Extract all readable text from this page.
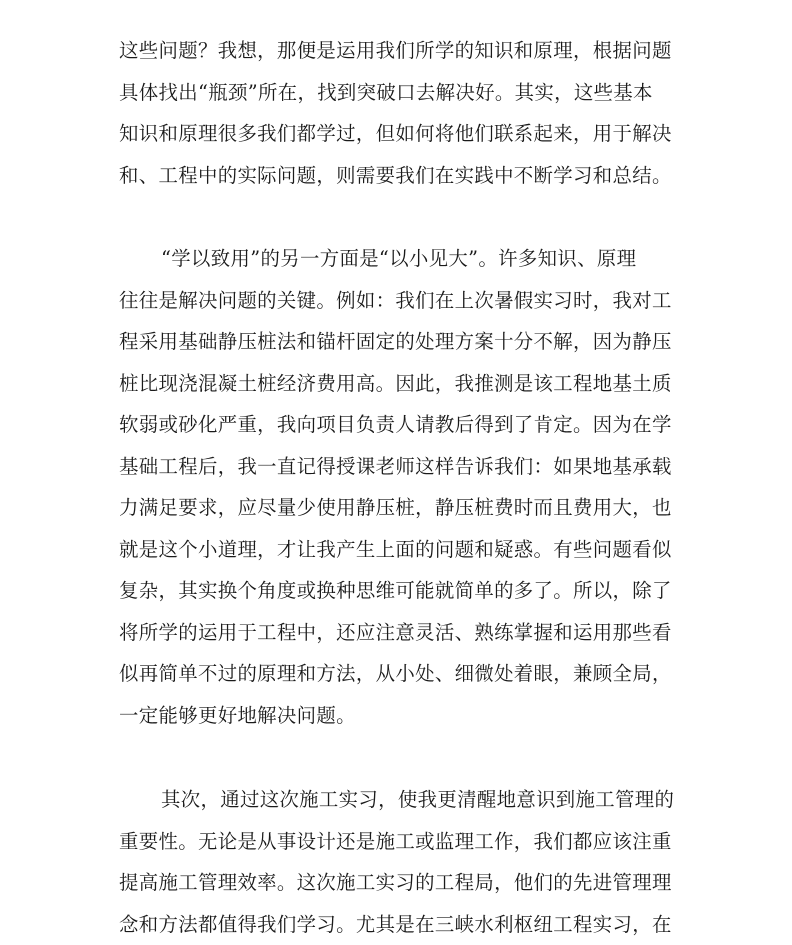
这些问题？我想，那便是运用我们所学的知识和原理，根据问题
具体找出“瓶颈”所在，找到突破口去解决好。其实，这些基本
知识和原理很多我们都学过，但如何将他们联系起来，用于解决
和、工程中的实际问题，则需要我们在实践中不断学习和总结。
“学以致用”的另一方面是“以小见大”。许多知识、原理
往往是解决问题的关键。例如：我们在上次暑假实习时，我对工
程采用基础静压桩法和锚杆固定的处理方案十分不解，因为静压
桩比现浇混凝土桩经济费用高。因此，我推测是该工程地基土质
软弱或砂化严重，我向项目负责人请教后得到了肯定。因为在学
基础工程后，我一直记得授课老师这样告诉我们：如果地基承载
力满足要求，应尽量少使用静压桩，静压桩费时而且费用大，也
就是这个小道理，才让我产生上面的问题和疑惑。有些问题看似
复杂，其实换个角度或换种思维可能就简单的多了。所以，除了
将所学的运用于工程中，还应注意灵活、熟练掌握和运用那些看
似再简单不过的原理和方法，从小处、细微处着眼，兼顾全局，
一定能够更好地解决问题。
其次，通过这次施工实习，使我更清醒地意识到施工管理的
重要性。无论是从事设计还是施工或监理工作，我们都应该注重
提高施工管理效率。这次施工实习的工程局，他们的先进管理理
念和方法都值得我们学习。尤其是在三峡水利枢纽工程实习，在
